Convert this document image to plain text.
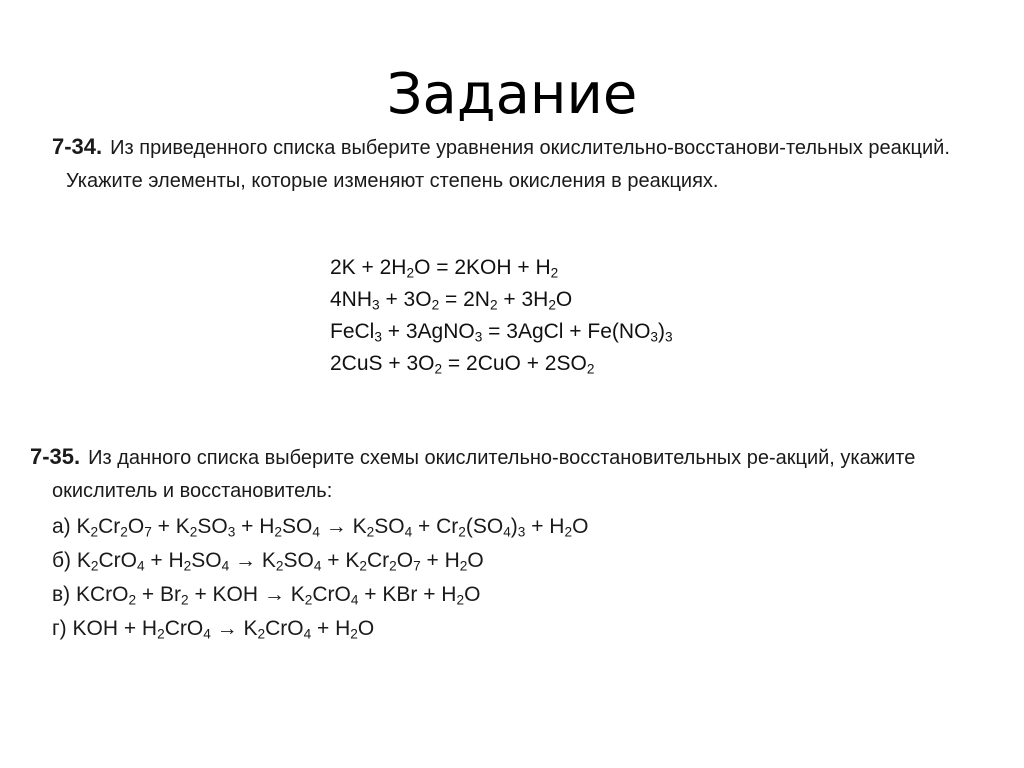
Задание
7-34. Из приведенного списка выберите уравнения окислительно-восстанови-тельных реакций. Укажите элементы, которые изменяют степень окисления в реакциях.
$2K + 2H_2O = 2KOH + H_2$
$4NH_3 + 3O_2 = 2N_2 + 3H_2O$
FeCl$_3$ + 3AgNO$_3$ = 3AgCl + $Fe(NO_3)_3$
$2CuS + 3O_2 = 2CuO + 2SO_2$
7-35. Из данного списка выберите схемы окислительно-восстановительных ре-акций, укажите окислитель и восстановитель:
а) $K_2Cr_2O_7 + K_2SO_3 + H_2SO_4 \to K_2SO_4 + Cr_2(SO_4)_3 + H_2O$
б) $K_2CrO_4 + H_2SO_4 \to K_2SO_4 + K_2Cr_2O_7 + H_2O$
в) KCrO$_2$ + $Br_2$ + KOH → $K_2CrO_4$ + KBr + $H_2O$
г) KOH + $H_2CrO_4 \to K_2CrO_4 + H_2O$
